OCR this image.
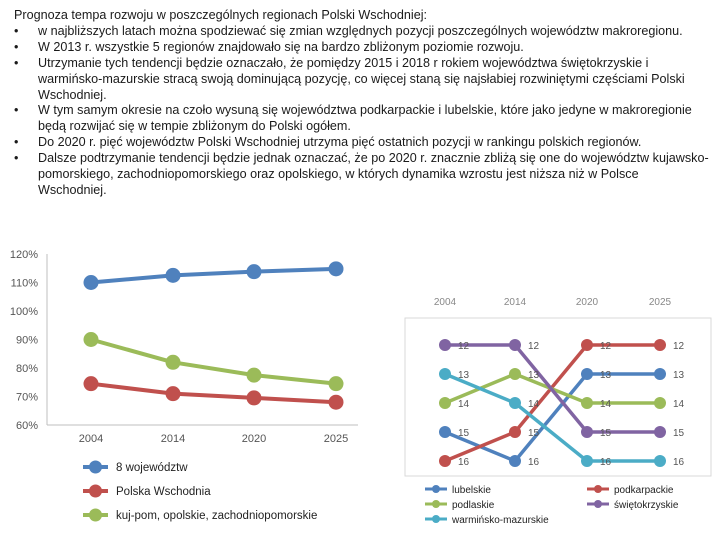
Prognoza tempa rozwoju w poszczególnych regionach Polski Wschodniej:

•	w najbliższych latach można spodziewać się zmian względnych pozycji poszczególnych województw makroregionu.
•	W 2013 r. wszystkie 5 regionów znajdowało się na bardzo zbliżonym poziomie rozwoju.
•	Utrzymanie tych tendencji będzie oznaczało, że pomiędzy 2015 i 2018 r rokiem województwa świętokrzyskie i warmińsko-mazurskie stracą swoją dominującą pozycję, co więcej staną się najsłabiej rozwiniętymi częściami Polski Wschodniej.
•	W tym samym okresie na czoło wysuną się województwa podkarpackie i lubelskie, które jako jedyne w makroregionie będą rozwijać się w tempie zbliżonym do Polski ogółem.
•	Do 2020 r. pięć województw Polski Wschodniej utrzyma pięć ostatnich pozycji w rankingu polskich regionów.
•	Dalsze podtrzymanie tendencji będzie jednak oznaczać, że po 2020 r. znacznie zbliżą się one do województw kujawsko-pomorskiego, zachodniopomorskiego oraz opolskiego, w których dynamika wzrostu jest niższa niż w Polsce Wschodniej.
60%
70%
80%
90%
100%
110%
120%
2004	2014	2020	2025
8 województw
Polska Wschodnia
kuj-pom, opolskie, zachodniopomorskie
2004	2014	2020	2025
15
16
13	13
16
15
12	12
14
13
14	14
12	12
15	15
13
14
16	16
lubelskie	podkarpackie
podlaskie	świętokrzyskie
warmińsko-mazurskie
